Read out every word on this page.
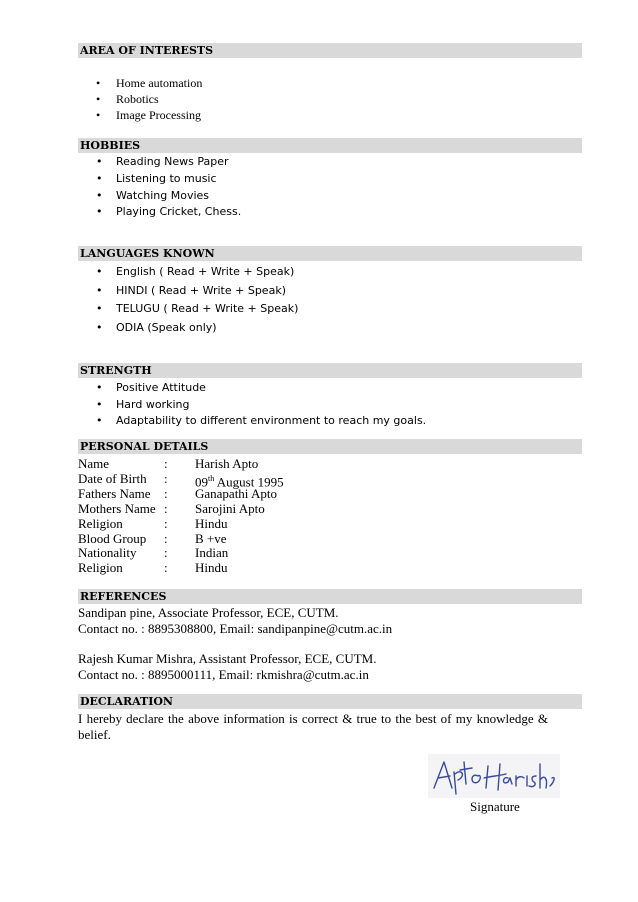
AREA OF INTERESTS
Home automation
Robotics
Image Processing
HOBBIES
Reading News Paper
Listening to music
Watching Movies
Playing Cricket, Chess.
LANGUAGES KNOWN
English ( Read + Write + Speak)
HINDI ( Read + Write + Speak)
TELUGU ( Read + Write + Speak)
ODIA (Speak only)
STRENGTH
Positive Attitude
Hard working
Adaptability to different environment to reach my goals.
PERSONAL DETAILS
Name	: Harish Apto
Date of Birth : 09th August 1995
Fathers Name : Ganapathi Apto
Mothers Name : Sarojini Apto
Religion	: Hindu
Blood Group : B +ve
Nationality : Indian
Religion	: Hindu
REFERENCES
Sandipan pine, Associate Professor, ECE, CUTM.
Contact no. : 8895308800, Email: sandipanpine@cutm.ac.in
Rajesh Kumar Mishra, Assistant Professor, ECE, CUTM.
Contact no. : 8895000111, Email: rkmishra@cutm.ac.in
DECLARATION
I hereby declare the above information is correct & true to the best of my knowledge & belief.
Signature
